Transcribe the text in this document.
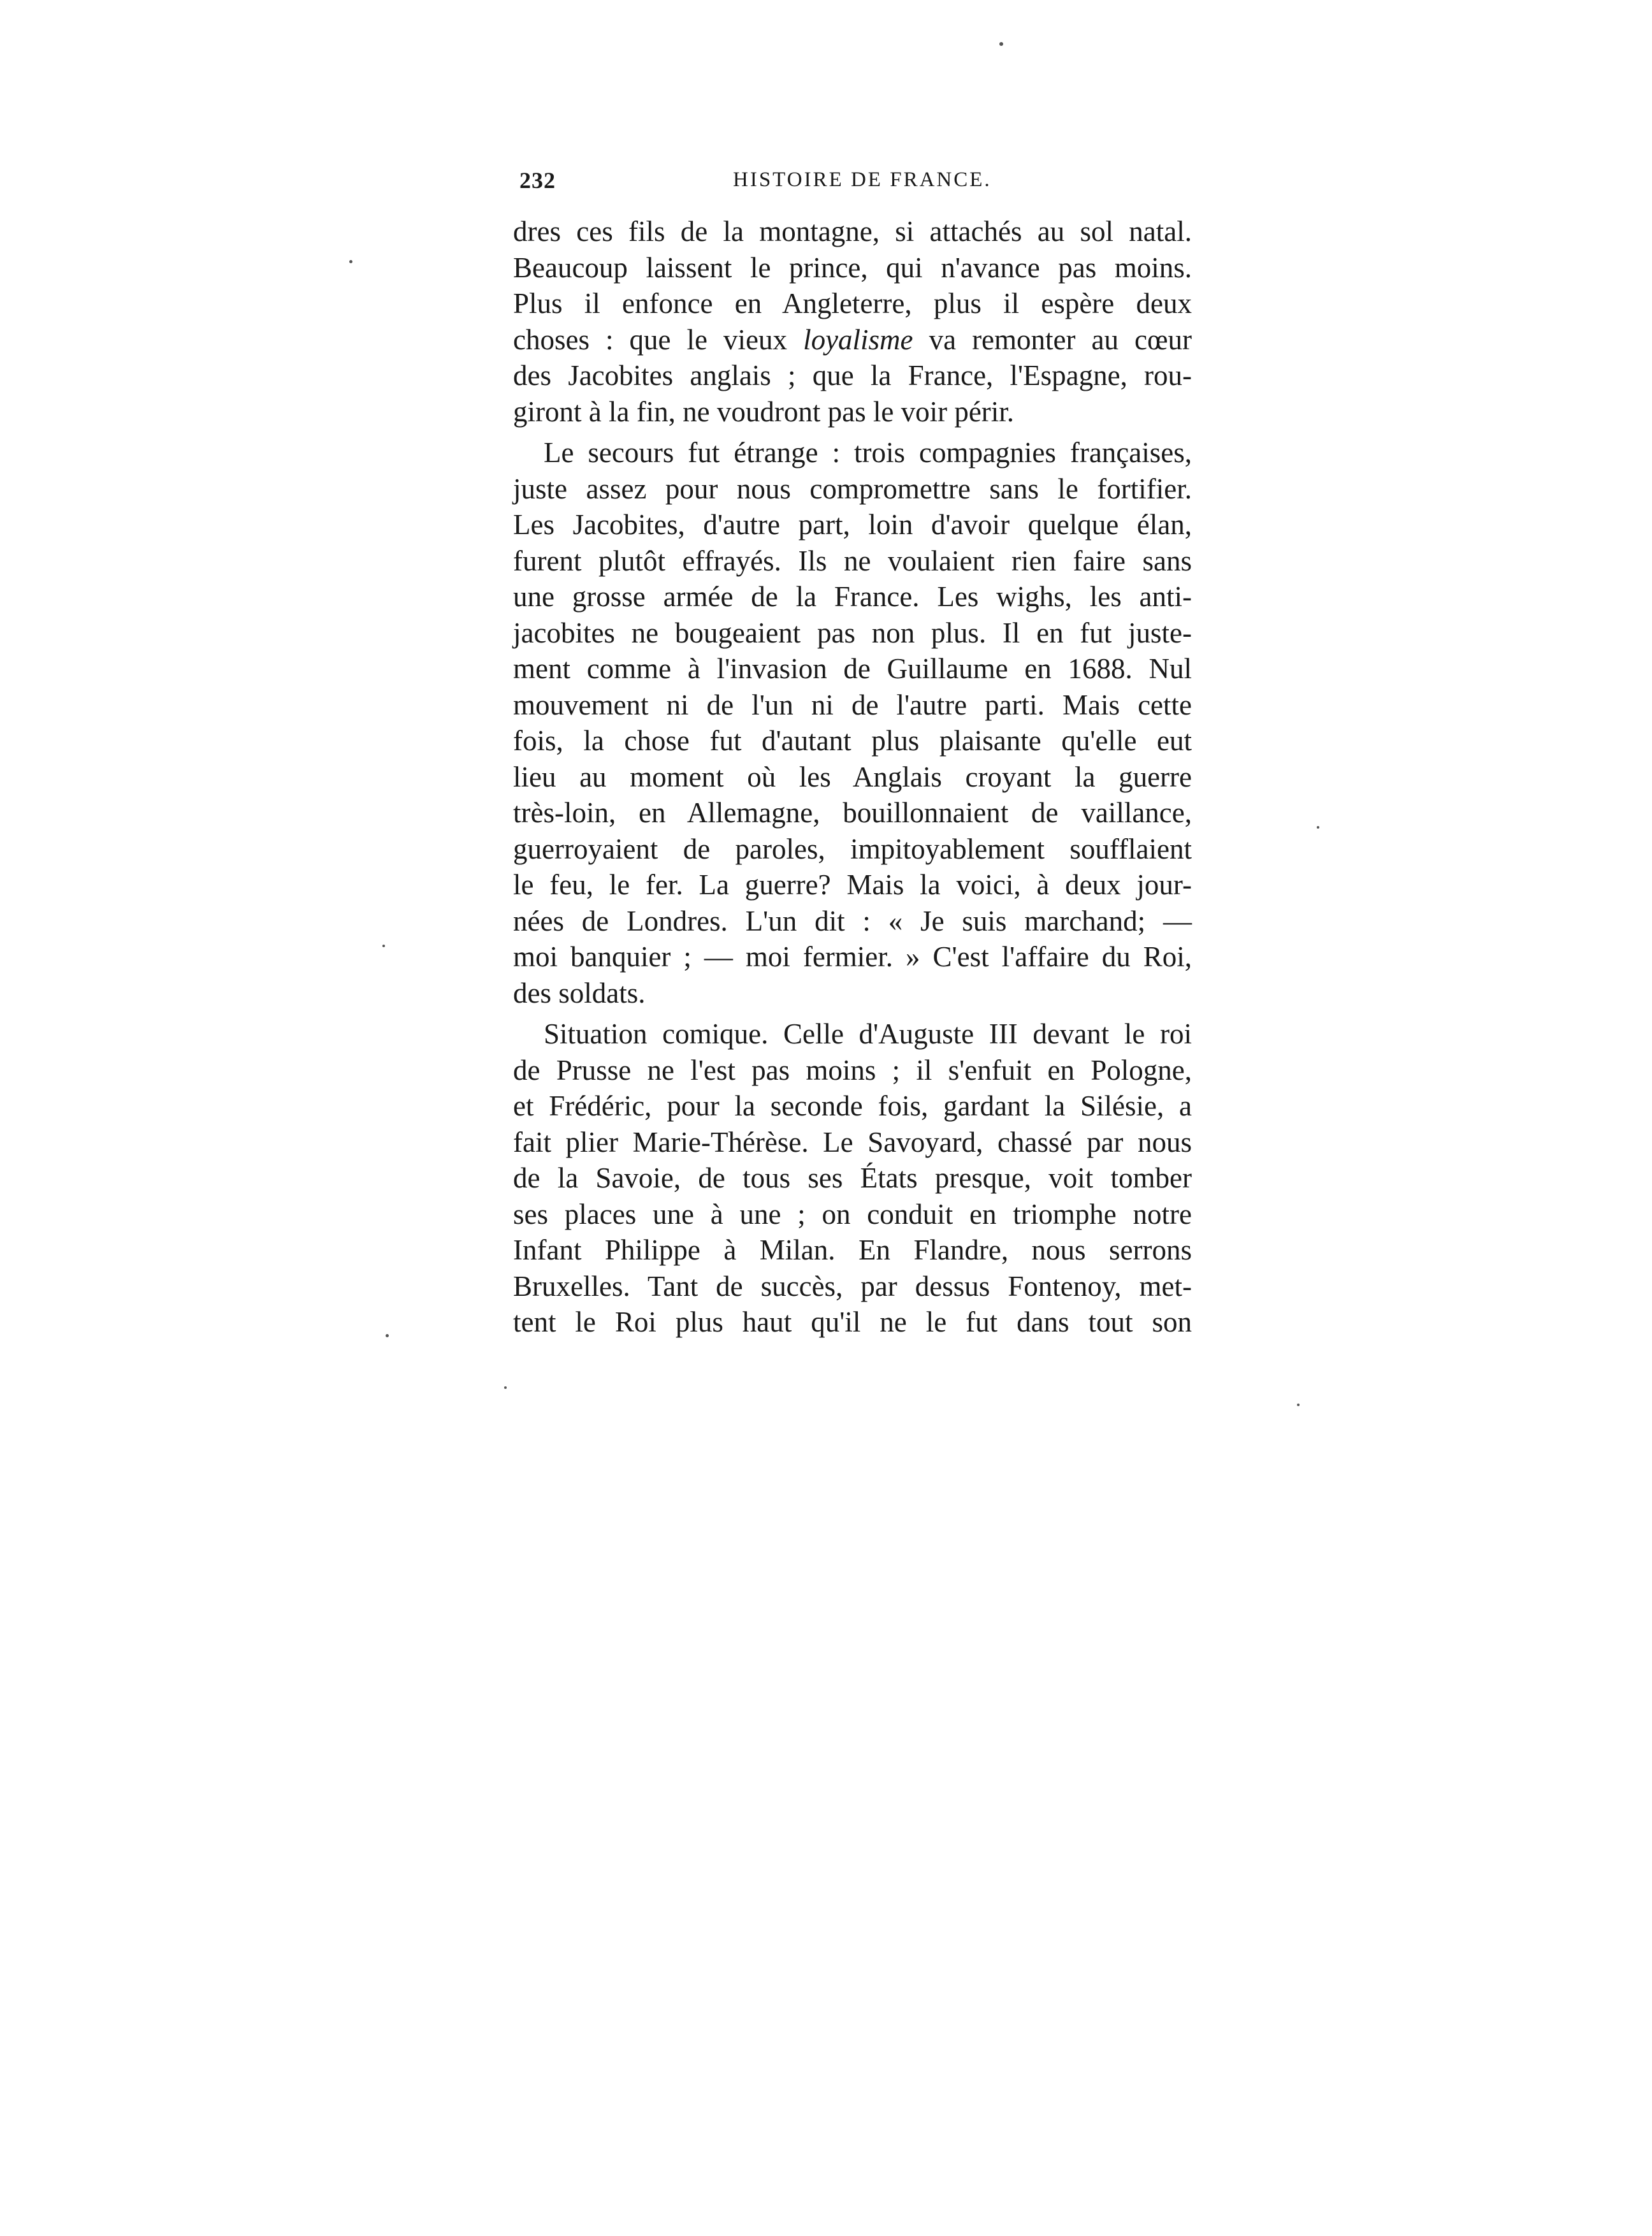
232	HISTOIRE DE FRANCE.
dres ces fils de la montagne, si attachés au sol natal.
Beaucoup laissent le prince, qui n'avance pas moins.
Plus il enfonce en Angleterre, plus il espère deux
choses : que le vieux loyalisme va remonter au cœur
des Jacobites anglais ; que la France, l'Espagne, rou-
giront à la fin, ne voudront pas le voir périr.
Le secours fut étrange : trois compagnies françaises,
juste assez pour nous compromettre sans le fortifier.
Les Jacobites, d'autre part, loin d'avoir quelque élan,
furent plutôt effrayés. Ils ne voulaient rien faire sans
une grosse armée de la France. Les wighs, les anti-
jacobites ne bougeaient pas non plus. Il en fut juste-
ment comme à l'invasion de Guillaume en 1688. Nul
mouvement ni de l'un ni de l'autre parti. Mais cette
fois, la chose fut d'autant plus plaisante qu'elle eut
lieu au moment où les Anglais croyant la guerre
très-loin, en Allemagne, bouillonnaient de vaillance,
guerroyaient de paroles, impitoyablement soufflaient
le feu, le fer. La guerre? Mais la voici, à deux jour-
nées de Londres. L'un dit : « Je suis marchand; —
moi banquier ; — moi fermier. » C'est l'affaire du Roi,
des soldats.
Situation comique. Celle d'Auguste III devant le roi
de Prusse ne l'est pas moins ; il s'enfuit en Pologne,
et Frédéric, pour la seconde fois, gardant la Silésie, a
fait plier Marie-Thérèse. Le Savoyard, chassé par nous
de la Savoie, de tous ses États presque, voit tomber
ses places une à une ; on conduit en triomphe notre
Infant Philippe à Milan. En Flandre, nous serrons
Bruxelles. Tant de succès, par dessus Fontenoy, met-
tent le Roi plus haut qu'il ne le fut dans tout son
